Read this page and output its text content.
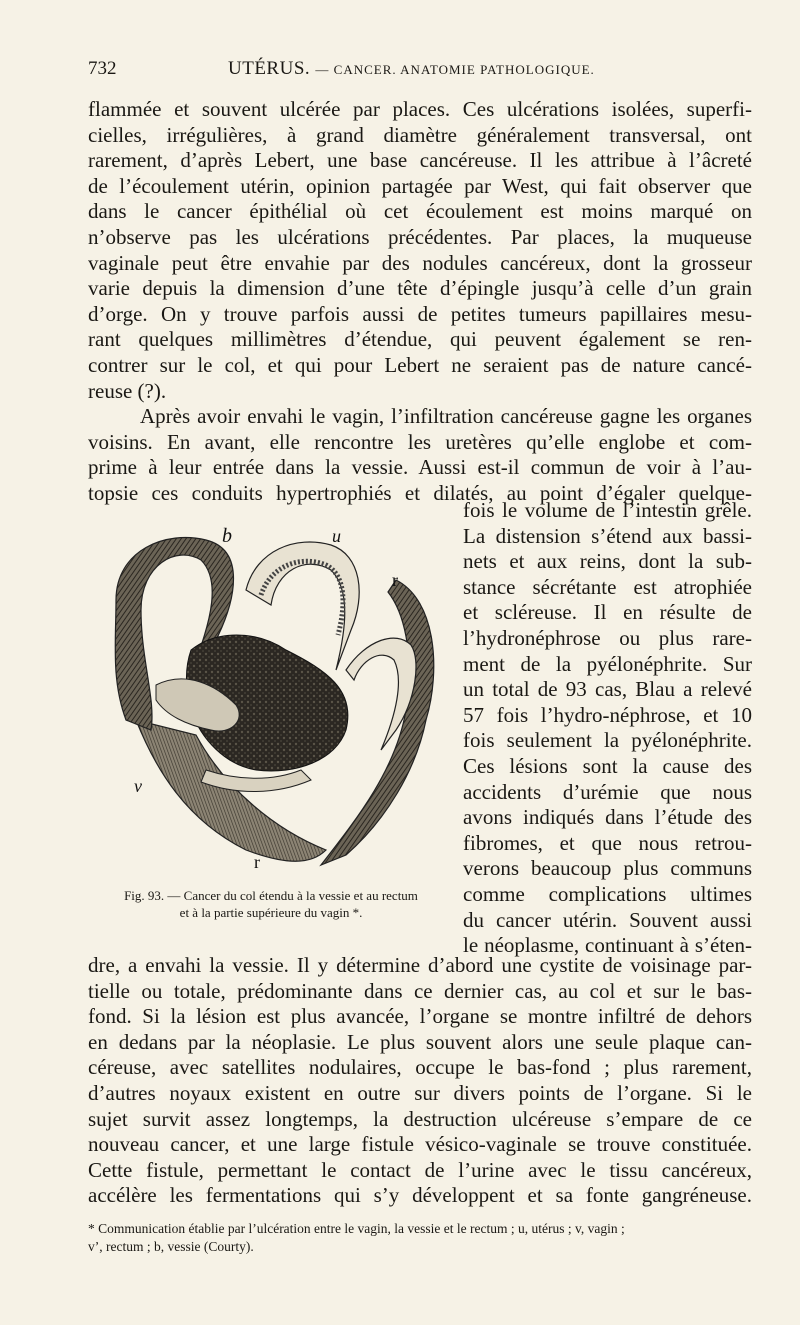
732	UTÉRUS. — CANCER. ANATOMIE PATHOLOGIQUE.
flammée et souvent ulcérée par places. Ces ulcérations isolées, superfi-
cielles, irrégulières, à grand diamètre généralement transversal, ont
rarement, d’après Lebert, une base cancéreuse. Il les attribue à l’âcreté
de l’écoulement utérin, opinion partagée par West, qui fait observer que
dans le cancer épithélial où cet écoulement est moins marqué on
n’observe pas les ulcérations précédentes. Par places, la muqueuse
vaginale peut être envahie par des nodules cancéreux, dont la grosseur
varie depuis la dimension d’une tête d’épingle jusqu’à celle d’un grain
d’orge. On y trouve parfois aussi de petites tumeurs papillaires mesu-
rant quelques millimètres d’étendue, qui peuvent également se ren-
contrer sur le col, et qui pour Lebert ne seraient pas de nature cancé-
reuse (?).
Après avoir envahi le vagin, l’infiltration cancéreuse gagne les organes
voisins. En avant, elle rencontre les uretères qu’elle englobe et com-
prime à leur entrée dans la vessie. Aussi est-il commun de voir à l’au-
topsie ces conduits hypertrophiés et dilatés, au point d’égaler quelque-
b	u
r
v
r
Fig. 93. — Cancer du col étendu à la vessie et au rectum
et à la partie supérieure du vagin *.
fois le volume de l’intestin grêle.
La distension s’étend aux bassi-
nets et aux reins, dont la sub-
stance sécrétante est atrophiée
et scléreuse. Il en résulte de
l’hydronéphrose ou plus rare-
ment de la pyélonéphrite. Sur
un total de 93 cas, Blau a relevé
57 fois l’hydro-néphrose, et 10
fois seulement la pyélonéphrite.
Ces lésions sont la cause des
accidents d’urémie que nous
avons indiqués dans l’étude des
fibromes, et que nous retrou-
verons beaucoup plus communs
comme complications ultimes
du cancer utérin. Souvent aussi
le néoplasme, continuant à s’éten-
dre, a envahi la vessie. Il y détermine d’abord une cystite de voisinage par-
tielle ou totale, prédominante dans ce dernier cas, au col et sur le bas-
fond. Si la lésion est plus avancée, l’organe se montre infiltré de dehors
en dedans par la néoplasie. Le plus souvent alors une seule plaque can-
céreuse, avec satellites nodulaires, occupe le bas-fond ; plus rarement,
d’autres noyaux existent en outre sur divers points de l’organe. Si le
sujet survit assez longtemps, la destruction ulcéreuse s’empare de ce
nouveau cancer, et une large fistule vésico-vaginale se trouve constituée.
Cette fistule, permettant le contact de l’urine avec le tissu cancéreux,
accélère les fermentations qui s’y développent et sa fonte gangréneuse.
* Communication établie par l’ulcération entre le vagin, la vessie et le rectum ; u, utérus ; v, vagin ;
v’, rectum ; b, vessie (Courty).
